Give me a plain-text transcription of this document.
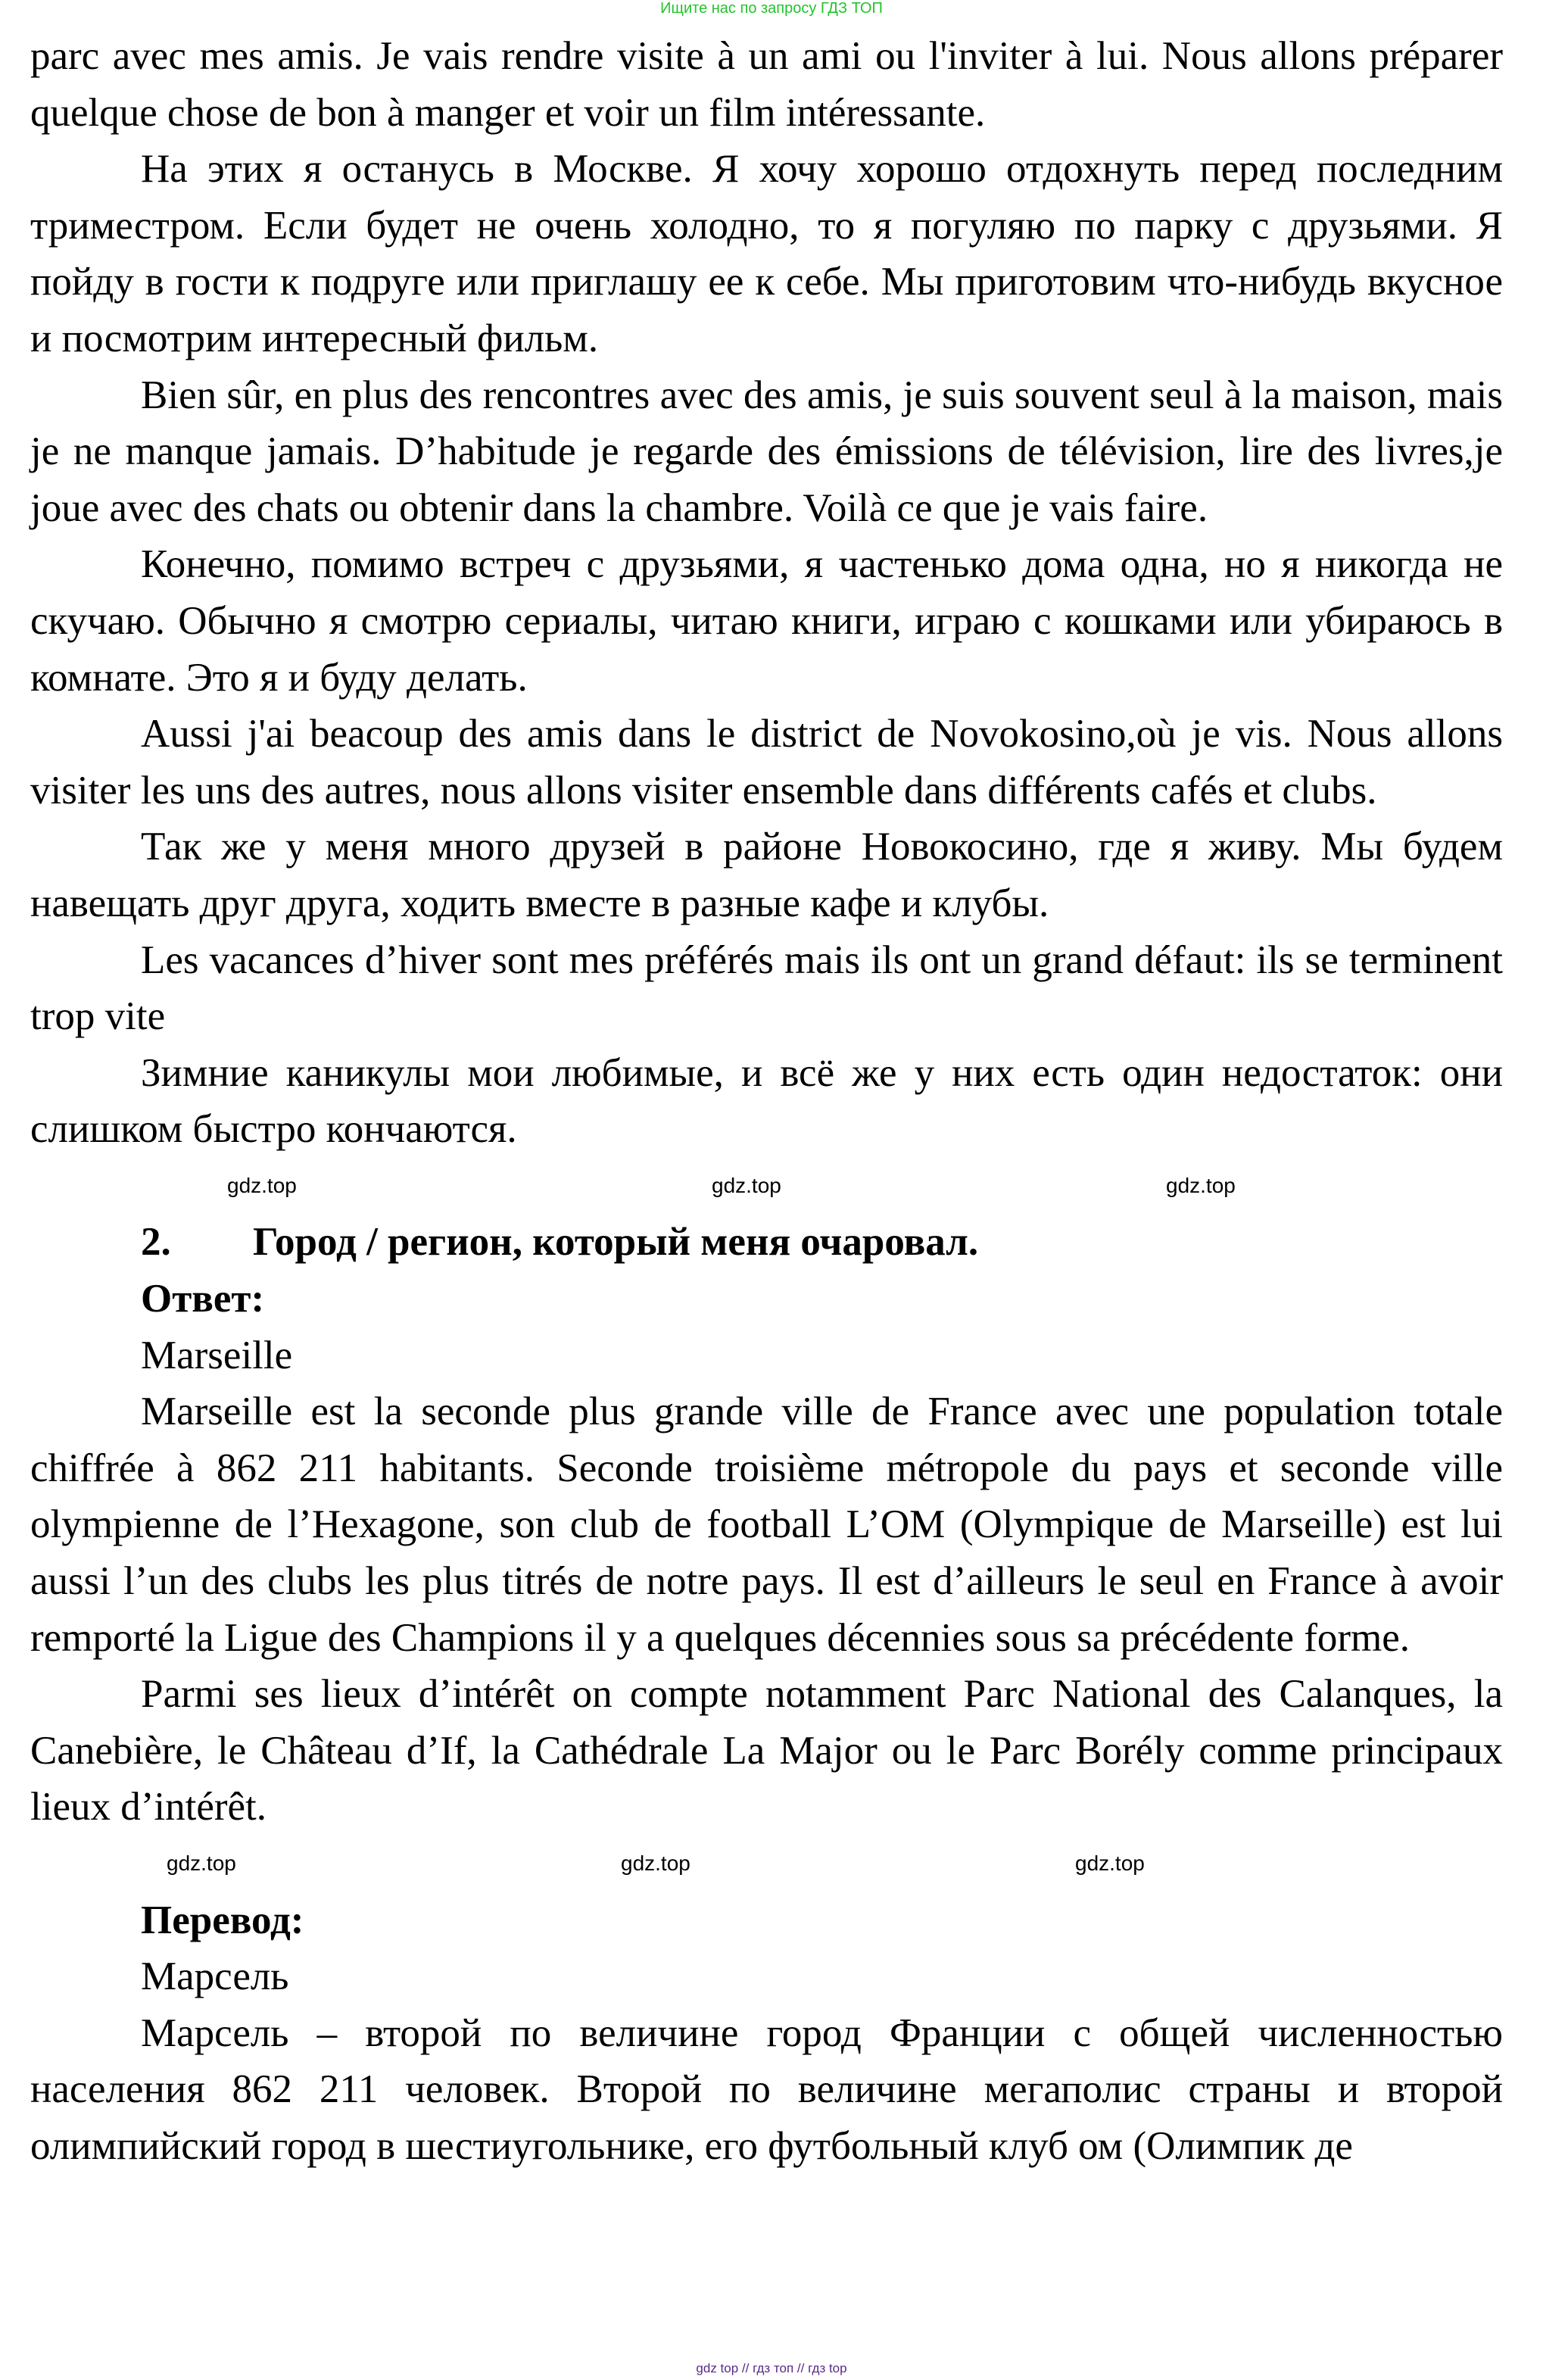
Ищите нас по запросу ГДЗ ТОП

parc avec mes amis. Je vais rendre visite à un ami ou l'inviter à lui. Nous allons préparer quelque chose de bon à manger et voir un film intéressante.

На этих я останусь в Москве. Я хочу хорошо отдохнуть перед последним триместром. Если будет не очень холодно, то я погуляю по парку с друзьями. Я пойду в гости к подруге или приглашу ее к себе. Мы приготовим что-нибудь вкусное и посмотрим интересный фильм.

Bien sûr, en plus des rencontres avec des amis, je suis souvent seul à la maison, mais je ne manque jamais. D’habitude je regarde des émissions de télévision, lire des livres,je joue avec des chats ou obtenir dans la chambre. Voilà ce que je vais faire.

Конечно, помимо встреч с друзьями, я частенько дома одна, но я никогда не скучаю. Обычно я смотрю сериалы, читаю книги, играю с кошками или убираюсь в комнате. Это я и буду делать.

Aussi j'ai beacoup des amis dans le district de Novokosino,où je vis. Nous allons visiter les uns des autres, nous allons visiter ensemble dans différents cafés et clubs.

Так же у меня много друзей в районе Новокосино, где я живу. Мы будем навещать друг друга, ходить вместе в разные кафе и клубы.

Les vacances d’hiver sont mes préférés mais ils ont un grand défaut: ils se terminent trop vite

Зимние каникулы мои любимые, и всё же у них есть один недостаток: они слишком быстро кончаются.

gdz.top	gdz.top	gdz.top

2. Город / регион, который меня очаровал.

Ответ:

Marseille

Marseille est la seconde plus grande ville de France avec une population totale chiffrée à 862 211 habitants. Seconde troisième métropole du pays et seconde ville olympienne de l’Hexagone, son club de football L’OM (Olympique de Marseille) est lui aussi l’un des clubs les plus titrés de notre pays. Il est d’ailleurs le seul en France à avoir remporté la Ligue des Champions il y a quelques décennies sous sa précédente forme.

Parmi ses lieux d’intérêt on compte notamment Parc National des Calanques, la Canebière, le Château d’If, la Cathédrale La Major ou le Parc Borély comme principaux lieux d’intérêt.

gdz.top	gdz.top	gdz.top

Перевод:

Марсель

Марсель – второй по величине город Франции с общей численностью населения 862 211 человек. Второй по величине мегаполис страны и второй олимпийский город в шестиугольнике, его футбольный клуб ом (Олимпик де

gdz top // гдз топ // гдз top
